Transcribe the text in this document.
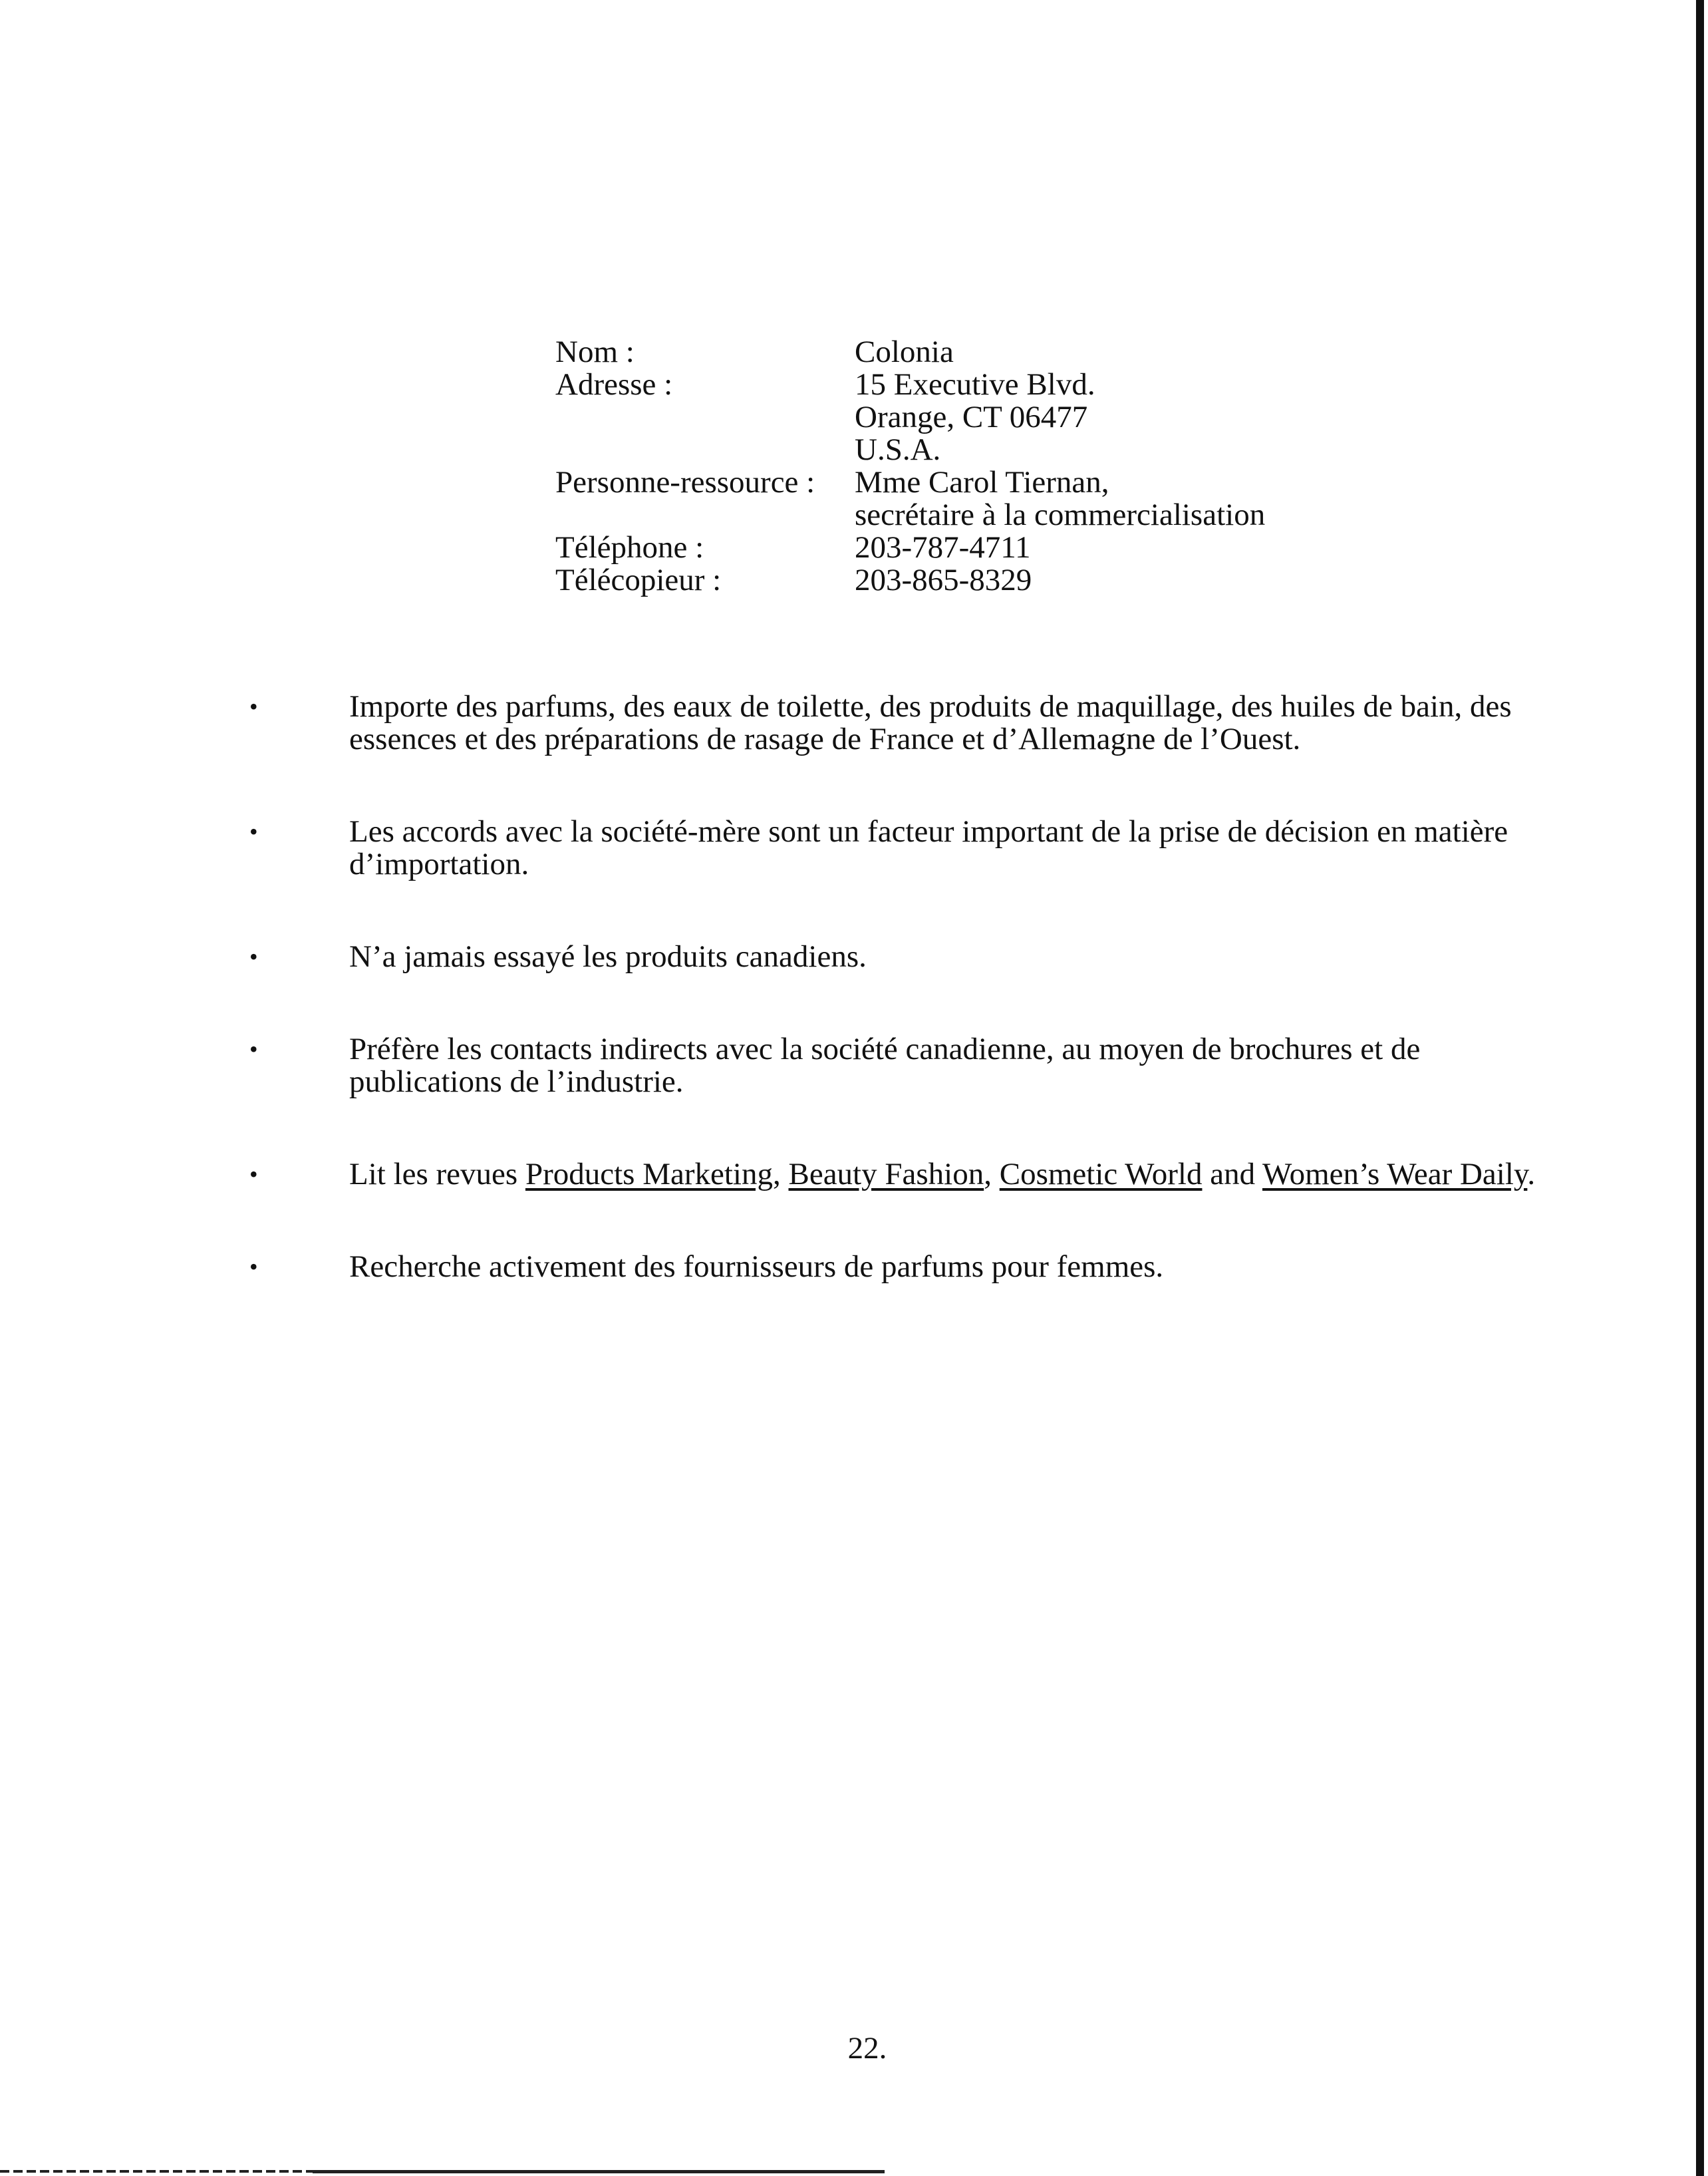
Nom :	Colonia
Adresse :	15 Executive Blvd.
Orange, CT 06477
U.S.A.
Personne-ressource :	Mme Carol Tiernan,
secrétaire à la commercialisation
Téléphone :	203-787-4711
Télécopieur :	203-865-8329
•	Importe des parfums, des eaux de toilette, des produits de maquillage, des huiles de bain, des essences et des préparations de rasage de France et d’Allemagne de l’Ouest.
•	Les accords avec la société-mère sont un facteur important de la prise de décision en matière d’importation.
•	N’a jamais essayé les produits canadiens.
•	Préfère les contacts indirects avec la société canadienne, au moyen de brochures et de publications de l’industrie.
•	Lit les revues Products Marketing, Beauty Fashion, Cosmetic World and Women’s Wear Daily.
•	Recherche activement des fournisseurs de parfums pour femmes.
22.
